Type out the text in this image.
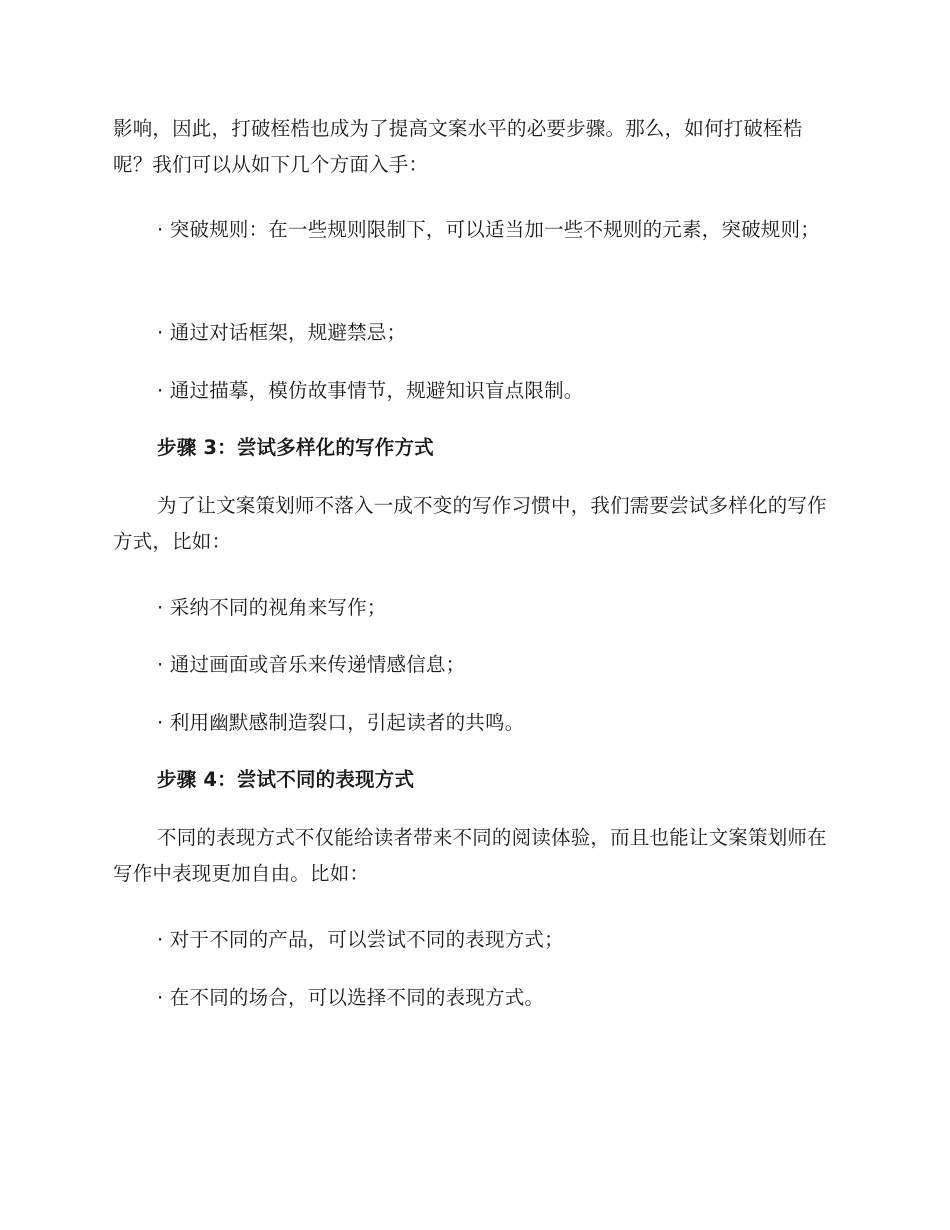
影响，因此，打破桎梏也成为了提高文案水平的必要步骤。那么，如何打破桎梏呢？我们可以从如下几个方面入手：
· 突破规则：在一些规则限制下，可以适当加一些不规则的元素，突破规则；
· 通过对话框架，规避禁忌；
· 通过描摹，模仿故事情节，规避知识盲点限制。
步骤 3：尝试多样化的写作方式
为了让文案策划师不落入一成不变的写作习惯中，我们需要尝试多样化的写作方式，比如：
· 采纳不同的视角来写作；
· 通过画面或音乐来传递情感信息；
· 利用幽默感制造裂口，引起读者的共鸣。
步骤 4：尝试不同的表现方式
不同的表现方式不仅能给读者带来不同的阅读体验，而且也能让文案策划师在写作中表现更加自由。比如：
· 对于不同的产品，可以尝试不同的表现方式；
· 在不同的场合，可以选择不同的表现方式。
